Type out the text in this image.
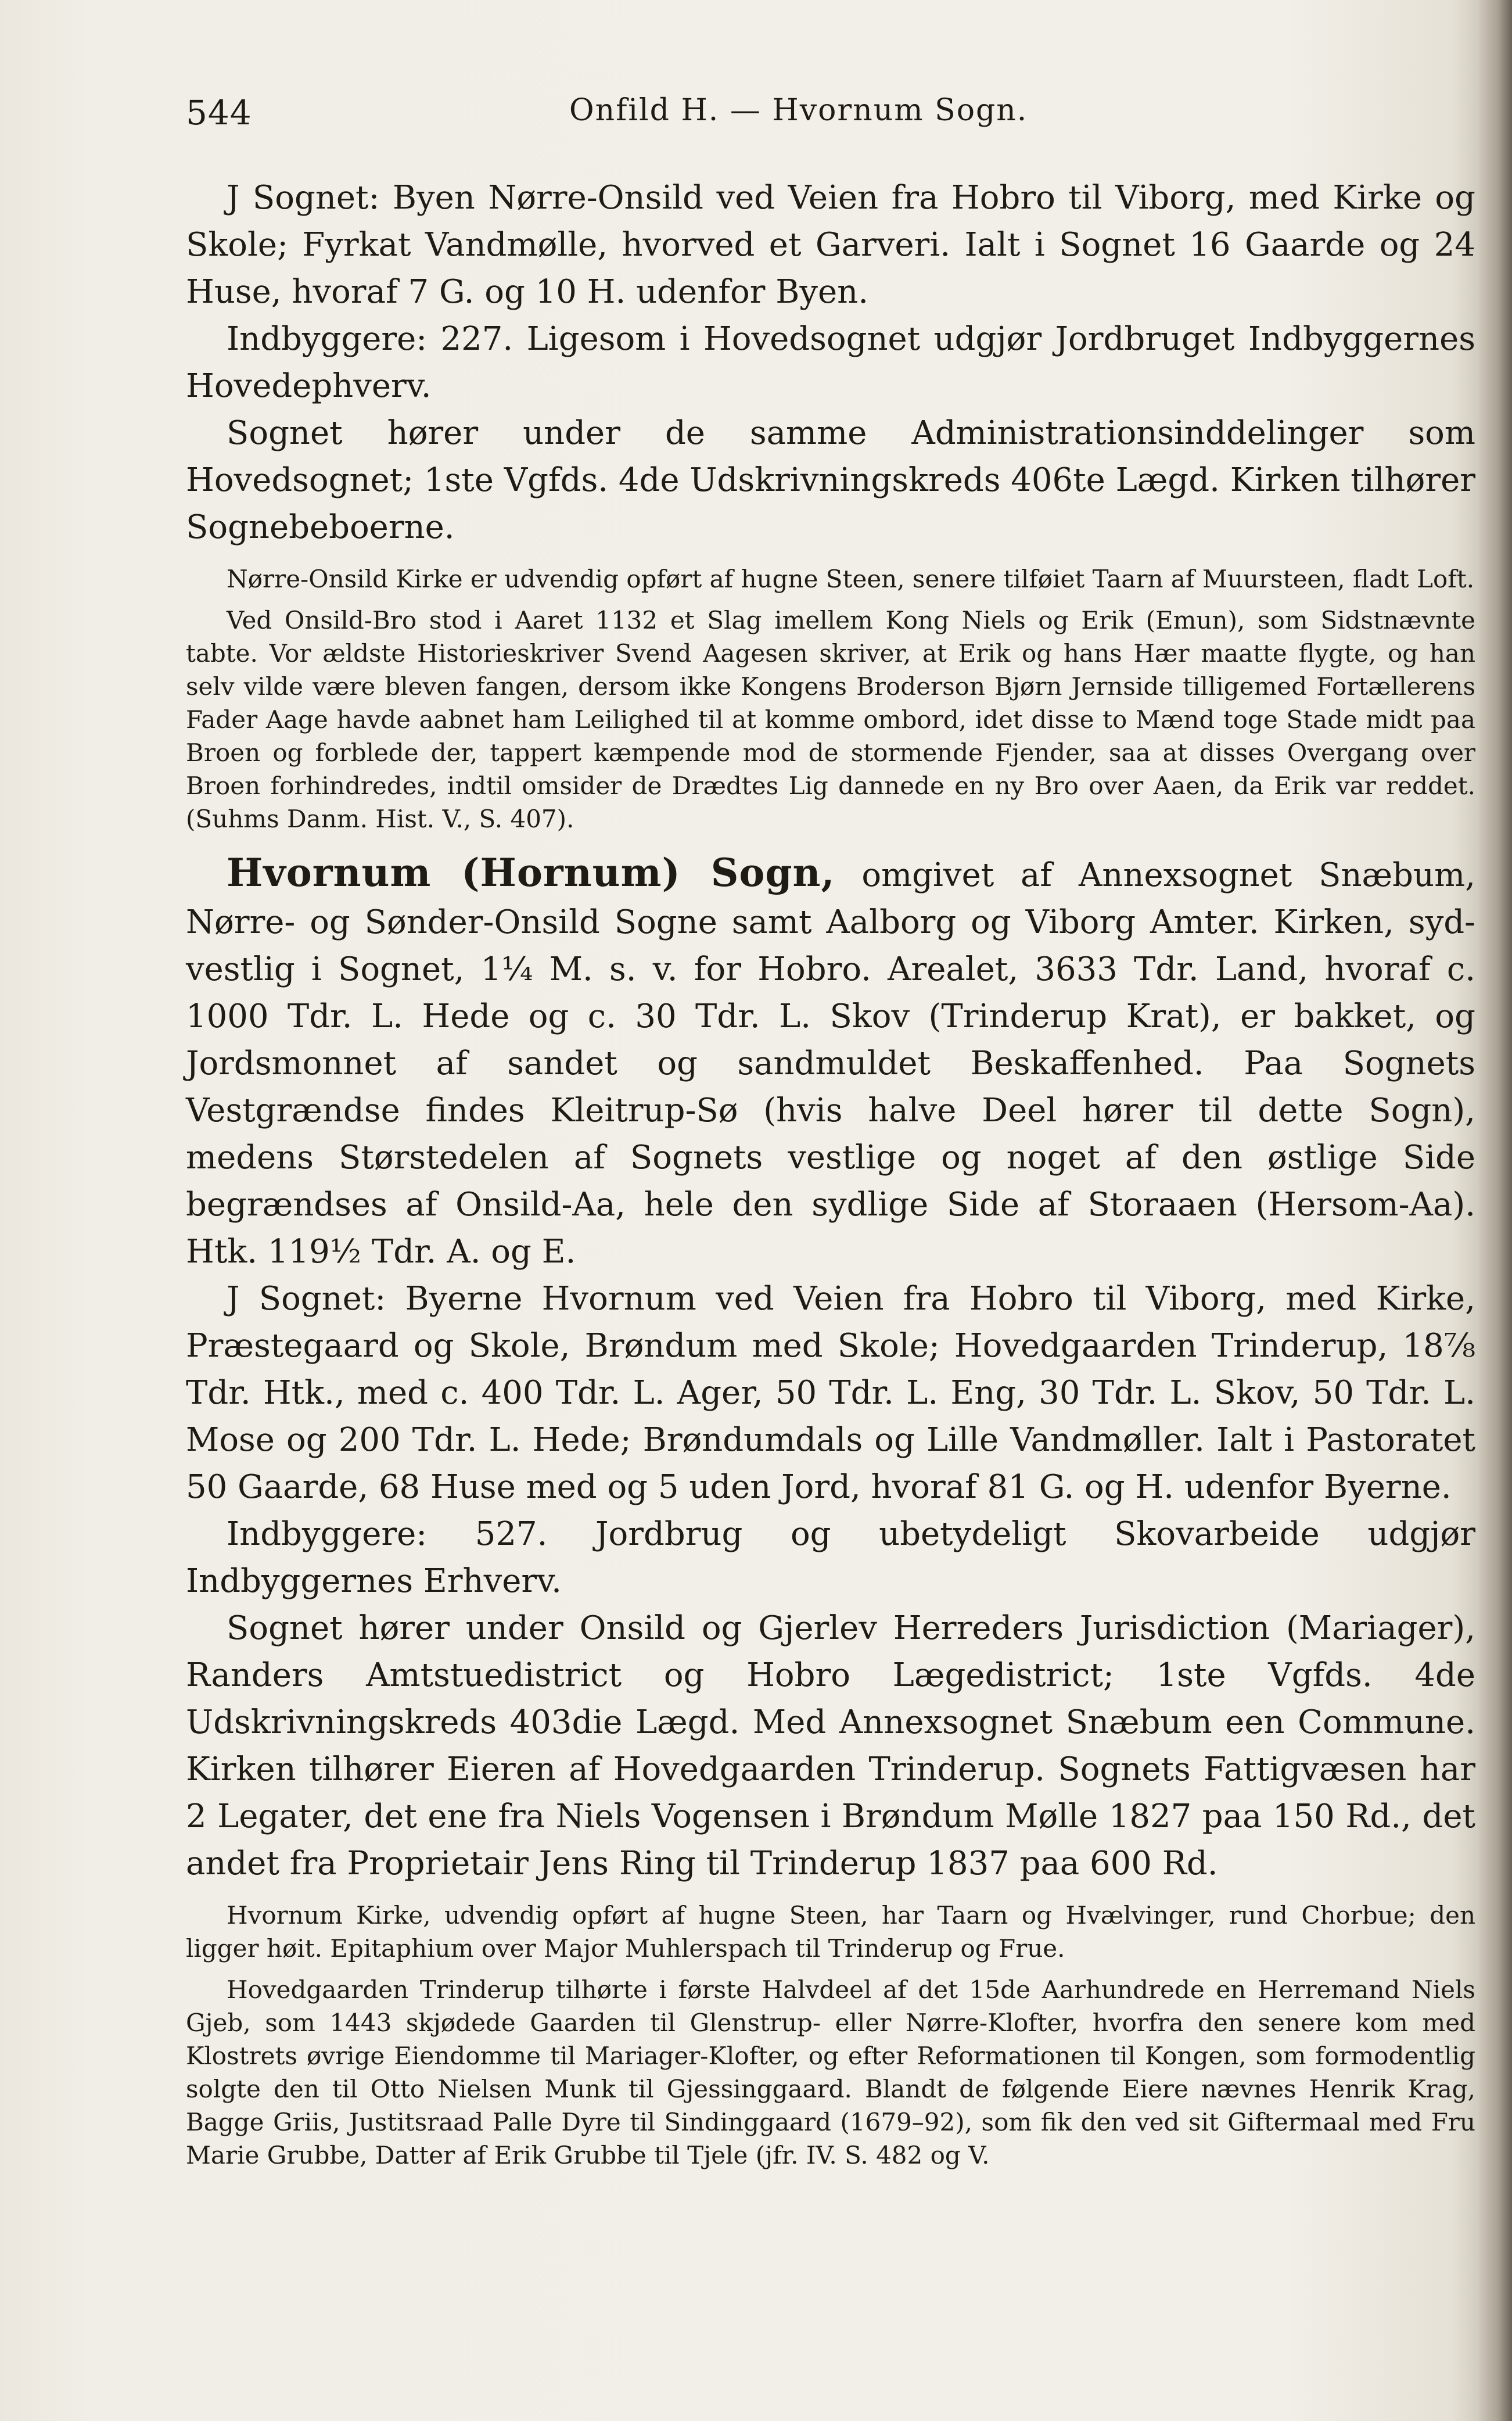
544	Onfild H. — Hvornum Sogn.

J Sognet: Byen Nørre-Onsild ved Veien fra Hobro til Viborg, med Kirke og Skole; Fyrkat Vandmølle, hvorved et Garveri. Ialt i Sognet 16 Gaarde og 24 Huse, hvoraf 7 G. og 10 H. udenfor Byen.

Indbyggere: 227. Ligesom i Hovedsognet udgjør Jordbruget Indbyggernes Hovedерhverv.

Sognet hører under de samme Administrationsinddelinger som Hovedsognet; 1ste Vgfds. 4de Udskrivningskreds 406te Lægd. Kirken tilhører Sognebeboerne.

Nørre-Onsild Kirke er udvendig opført af hugne Steen, senere tilføiet Taarn af Muursteen, fladt Loft.

Ved Onsild-Bro stod i Aaret 1132 et Slag imellem Kong Niels og Erik (Emun), som Sidstnævnte tabte. Vor ældste Historieskriver Svend Aagesen skriver, at Erik og hans Hær maatte flygte, og han selv vilde være bleven fangen, dersom ikke Kongens Broderson Bjørn Jernside tilligemed Fortællerens Fader Aage havde aabnet ham Leilighed til at komme ombord, idet disse to Mænd toge Stade midt paa Broen og forblede der, tappert kæmpende mod de stormende Fjender, saa at disses Overgang over Broen forhindredes, indtil omsider de Drædtes Lig dannede en ny Bro over Aaen, da Erik var reddet. (Suhms Danm. Hist. V., S. 407).

Hvornum (Hornum) Sogn, omgivet af Annexsognet Snæbum, Nørre- og Sønder-Onsild Sogne samt Aalborg og Viborg Amter. Kirken, syd-vestlig i Sognet, 1¼ M. s. v. for Hobro. Arealet, 3633 Tdr. Land, hvoraf c. 1000 Tdr. L. Hede og c. 30 Tdr. L. Skov (Trinderup Krat), er bakket, og Jordsmonnet af sandet og sandmuldet Beskaffenhed. Paa Sognets Vestgrændse findes Kleitrup-Sø (hvis halve Deel hører til dette Sogn), medens Størstedelen af Sognets vestlige og noget af den østlige Side begrændses af Onsild-Aa, hele den sydlige Side af Storaaen (Hersom-Aa). Htk. 119½ Tdr. A. og E.

J Sognet: Byerne Hvornum ved Veien fra Hobro til Viborg, med Kirke, Præstegaard og Skole, Brøndum med Skole; Hovedgaarden Trinderup, 18⅞ Tdr. Htk., med c. 400 Tdr. L. Ager, 50 Tdr. L. Eng, 30 Tdr. L. Skov, 50 Tdr. L. Mose og 200 Tdr. L. Hede; Brøndumdals og Lille Vandmøller. Ialt i Pastoratet 50 Gaarde, 68 Huse med og 5 uden Jord, hvoraf 81 G. og H. udenfor Byerne.

Indbyggere: 527. Jordbrug og ubetydeligt Skovarbeide udgjør Indbyggernes Erhverv.

Sognet hører under Onsild og Gjerlev Herreders Jurisdiction (Mariager), Randers Amtstuedistrict og Hobro Lægedistrict; 1ste Vgfds. 4de Udskrivningskreds 403die Lægd. Med Annexsognet Snæbum een Commune. Kirken tilhører Eieren af Hovedgaarden Trinderup. Sognets Fattigvæsen har 2 Legater, det ene fra Niels Vogensen i Brøndum Mølle 1827 paa 150 Rd., det andet fra Proprietair Jens Ring til Trinderup 1837 paa 600 Rd.

Hvornum Kirke, udvendig opført af hugne Steen, har Taarn og Hvælvinger, rund Chorbue; den ligger høit. Epitaphium over Major Muhlerspach til Trinderup og Frue.

Hovedgaarden Trinderup tilhørte i første Halvdeel af det 15de Aarhundrede en Herremand Niels Gjeb, som 1443 skjødede Gaarden til Glenstrup- eller Nørre-Klofter, hvorfra den senere kom med Klostrets øvrige Eiendomme til Mariager-Klofter, og efter Reformationen til Kongen, som formodentlig solgte den til Otto Nielsen Munk til Gjessinggaard. Blandt de følgende Eiere nævnes Henrik Krag, Bagge Griis, Justitsraad Palle Dyre til Sindinggaard (1679–92), som fik den ved sit Giftermaal med Fru Marie Grubbe, Datter af Erik Grubbe til Tjele (jfr. IV. S. 482 og V.
